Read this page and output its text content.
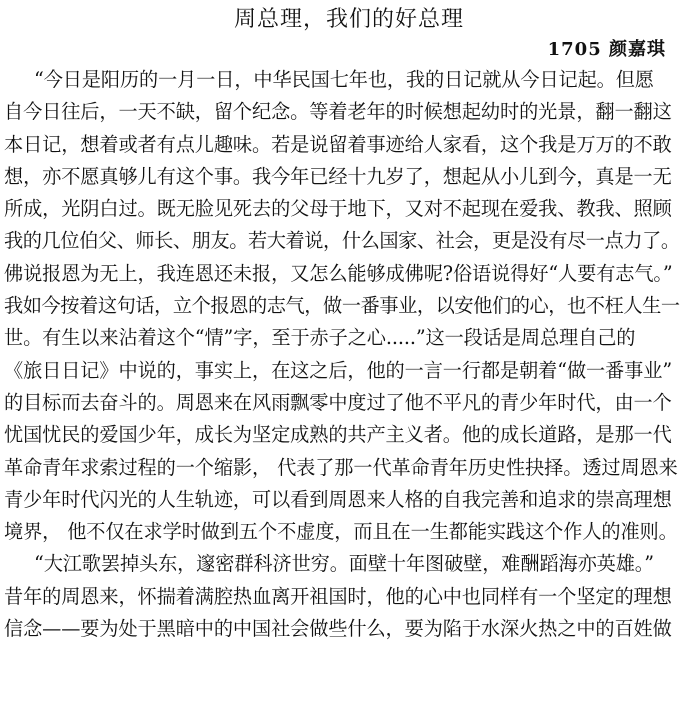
周总理，我们的好总理
1705 颜嘉琪
“今日是阳历的一月一日，中华民国七年也，我的日记就从今日记起。但愿
自今日往后，一天不缺，留个纪念。等着老年的时候想起幼时的光景，翻一翻这
本日记，想着或者有点儿趣味。若是说留着事迹给人家看，这个我是万万的不敢
想，亦不愿真够儿有这个事。我今年已经十九岁了，想起从小儿到今，真是一无
所成，光阴白过。既无脸见死去的父母于地下，又对不起现在爱我、教我、照顾
我的几位伯父、师长、朋友。若大着说，什么国家、社会，更是没有尽一点力了。
佛说报恩为无上，我连恩还未报，又怎么能够成佛呢?俗语说得好“人要有志气。”
我如今按着这句话，立个报恩的志气，做一番事业，以安他们的心，也不枉人生一
世。有生以来沾着这个“情”字，至于赤子之心.....”这一段话是周总理自己的
《旅日日记》中说的，事实上，在这之后，他的一言一行都是朝着“做一番事业”
的目标而去奋斗的。周恩来在风雨飘零中度过了他不平凡的青少年时代，由一个
忧国忧民的爱国少年，成长为坚定成熟的共产主义者。他的成长道路，是那一代
革命青年求索过程的一个缩影， 代表了那一代革命青年历史性抉择。透过周恩来
青少年时代闪光的人生轨迹，可以看到周恩来人格的自我完善和追求的崇高理想
境界， 他不仅在求学时做到五个不虚度，而且在一生都能实践这个作人的准则。
“大江歌罢掉头东，邃密群科济世穷。面壁十年图破壁，难酬蹈海亦英雄。”
昔年的周恩来，怀揣着满腔热血离开祖国时，他的心中也同样有一个坚定的理想
信念——要为处于黑暗中的中国社会做些什么，要为陷于水深火热之中的百姓做
